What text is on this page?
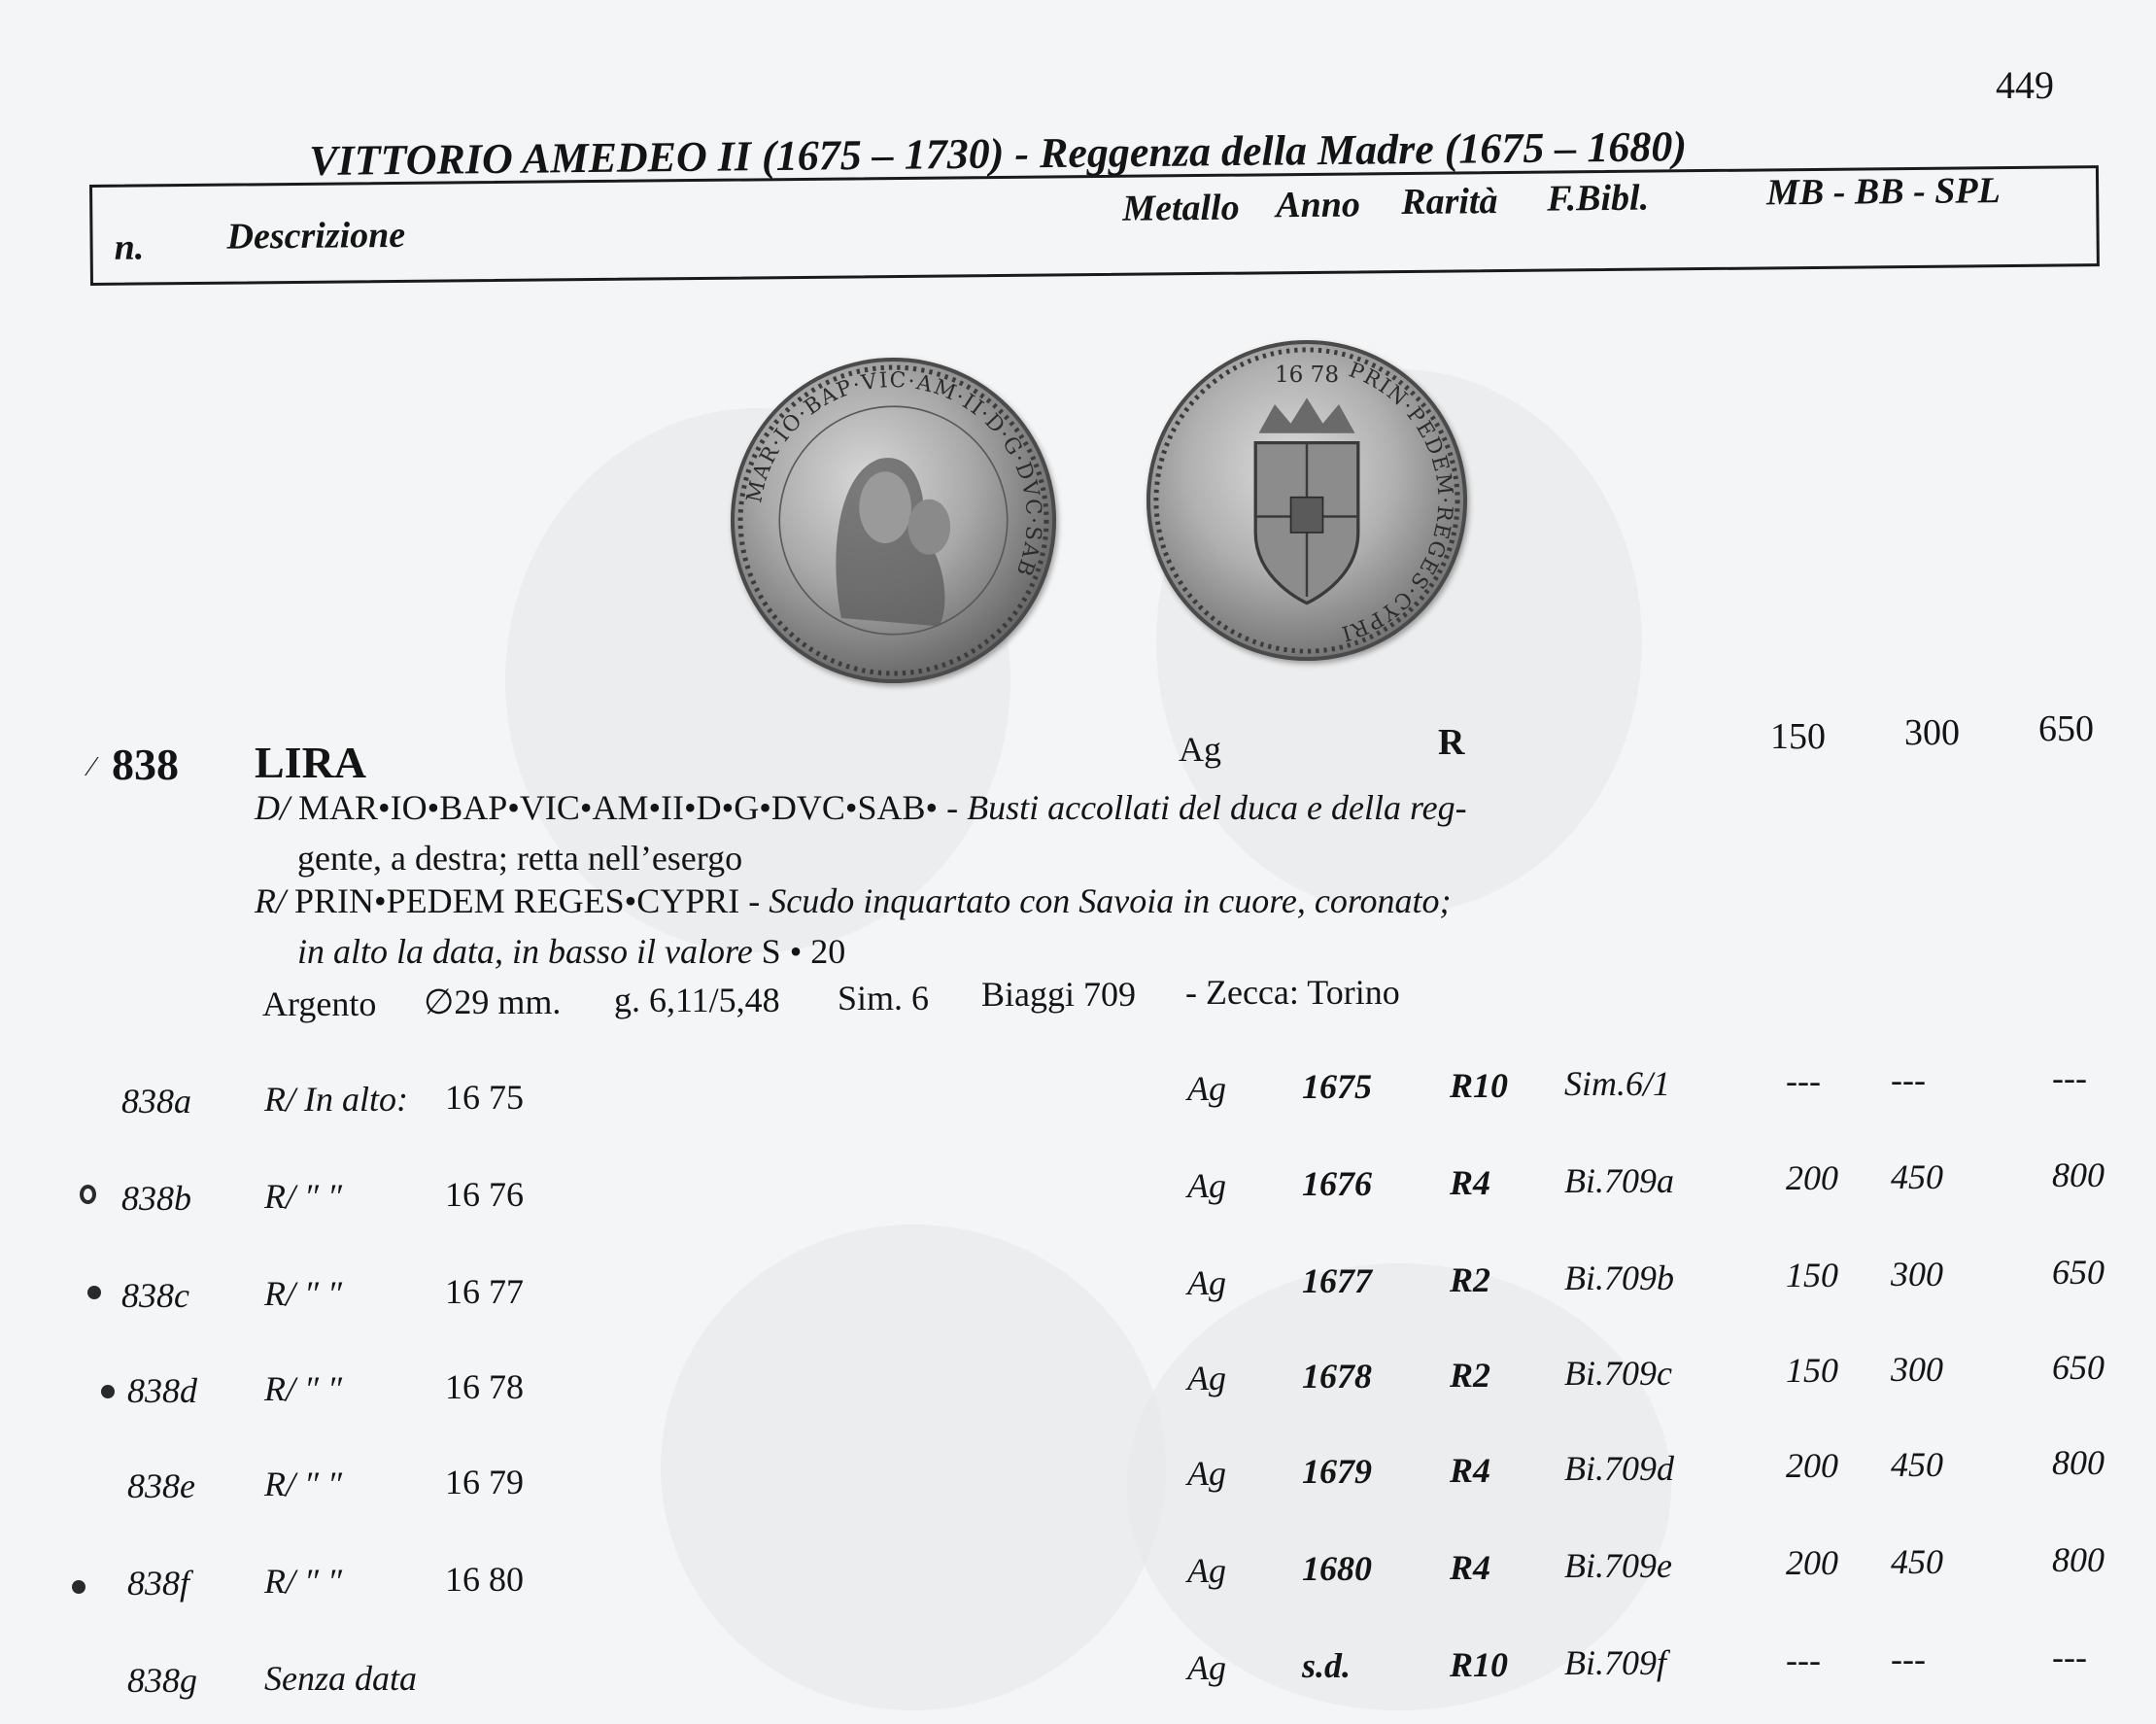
449
VITTORIO AMEDEO II (1675 – 1730) - Reggenza della Madre (1675 – 1680)
n. Descrizione
Metallo Anno Rarità F.Bibl.	MB - BB - SPL
MAR·IO·BAP·VIC·AM·II·D·G·DVC·SAB
PRIN·PEDEM·REGES·CYPRI
16 78
⁄ 838 LIRA	Ag	R	150 300 650
D/ MAR•IO•BAP•VIC•AM•II•D•G•DVC•SAB• - Busti accollati del duca e della reg-
gente, a destra; retta nell’esergo
R/ PRIN•PEDEM REGES•CYPRI - Scudo inquartato con Savoia in cuore, coronato;
in alto la data, in basso il valore S • 20
Argento ∅29 mm. g. 6,11/5,48 Sim. 6 Biaggi 709 - Zecca: Torino
838a R/ In alto: 16 75	Ag 1675 R10 Sim.6/1	--- ---	---
838b R/ ″ ″	16 76	Ag 1676 R4 Bi.709a	200 450	800
838c R/ ″ ″	16 77	Ag 1677 R2 Bi.709b	150 300	650
838d R/ ″ ″	16 78	Ag 1678 R2 Bi.709c	150 300	650
838e R/ ″ ″	16 79	Ag 1679 R4 Bi.709d	200 450	800
838f R/ ″ ″	16 80	Ag 1680 R4 Bi.709e	200 450	800
838g Senza data	Ag s.d.	R10 Bi.709f	--- ---	---
